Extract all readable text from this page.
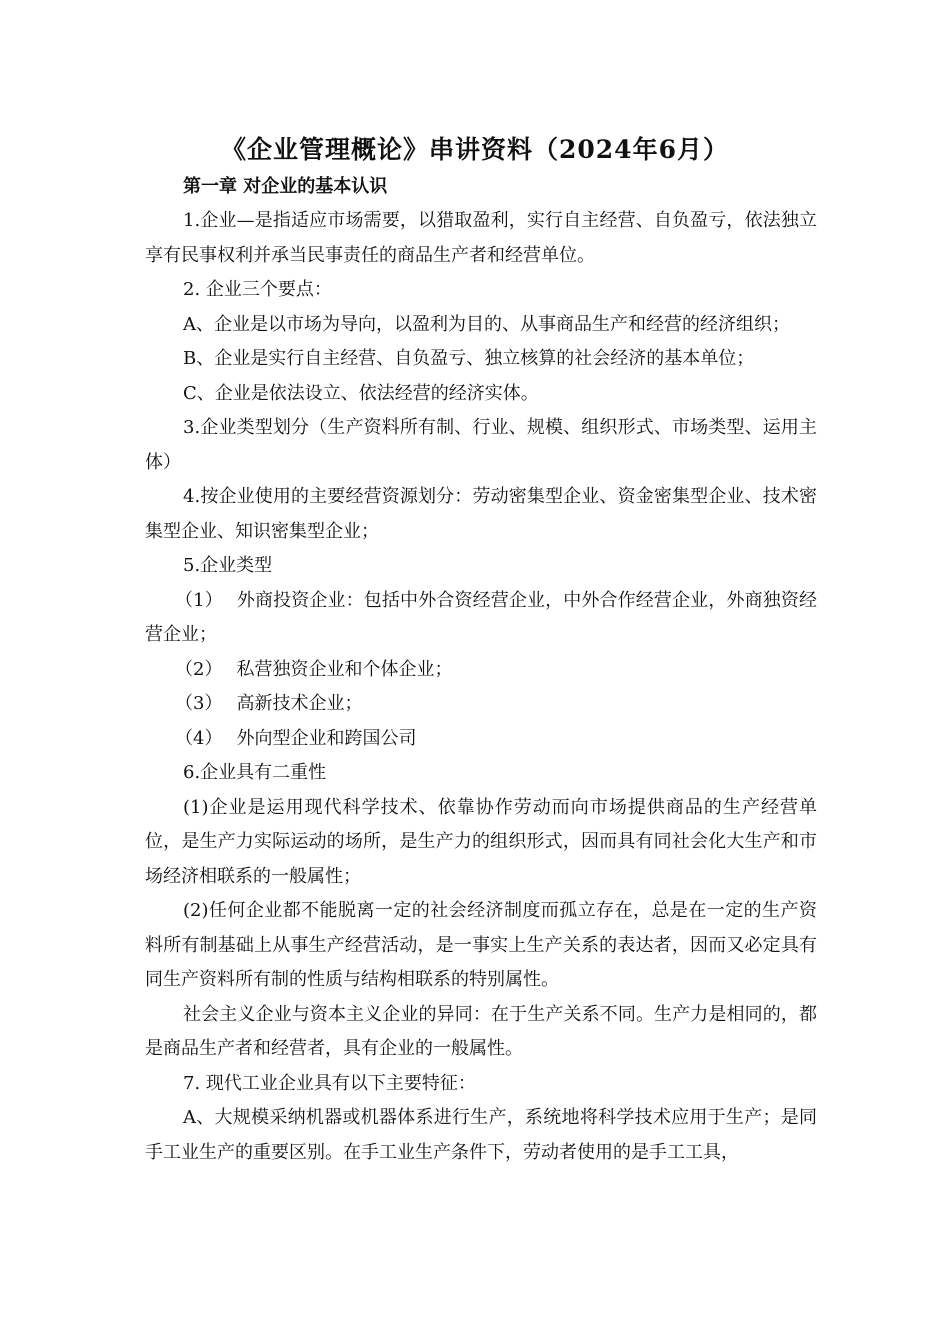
《企业管理概论》串讲资料（2024年6月）
第一章 对企业的基本认识

1.企业—是指适应市场需要，以猎取盈利，实行自主经营、自负盈亏，依法独立享有民事权利并承当民事责任的商品生产者和经营单位。

2. 企业三个要点：

A、企业是以市场为导向，以盈利为目的、从事商品生产和经营的经济组织；

B、企业是实行自主经营、自负盈亏、独立核算的社会经济的基本单位；

C、企业是依法设立、依法经营的经济实体。

3.企业类型划分（生产资料所有制、行业、规模、组织形式、市场类型、运用主体）

4.按企业使用的主要经营资源划分：劳动密集型企业、资金密集型企业、技术密集型企业、知识密集型企业；

5.企业类型

（1） 外商投资企业：包括中外合资经营企业，中外合作经营企业，外商独资经营企业；

（2） 私营独资企业和个体企业；

（3） 高新技术企业；

（4） 外向型企业和跨国公司

6.企业具有二重性

(1)企业是运用现代科学技术、依靠协作劳动而向市场提供商品的生产经营单位，是生产力实际运动的场所，是生产力的组织形式，因而具有同社会化大生产和市场经济相联系的一般属性；

(2)任何企业都不能脱离一定的社会经济制度而孤立存在，总是在一定的生产资料所有制基础上从事生产经营活动，是一事实上生产关系的表达者，因而又必定具有同生产资料所有制的性质与结构相联系的特别属性。

社会主义企业与资本主义企业的异同：在于生产关系不同。生产力是相同的，都是商品生产者和经营者，具有企业的一般属性。

7. 现代工业企业具有以下主要特征：

A、大规模采纳机器或机器体系进行生产，系统地将科学技术应用于生产；是同手工业生产的重要区别。在手工业生产条件下，劳动者使用的是手工工具，
